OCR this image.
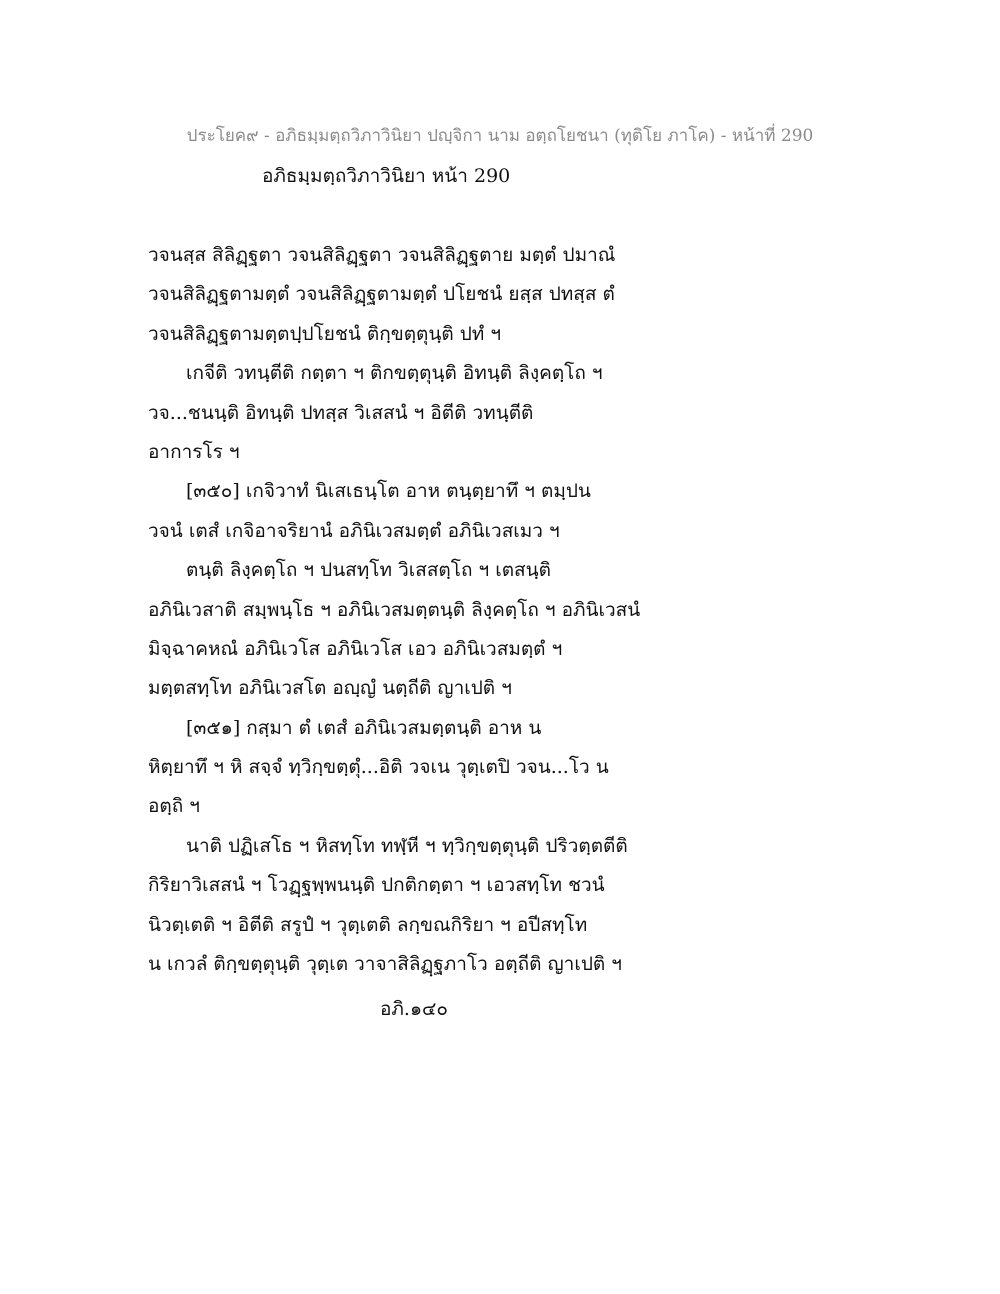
ประโยค๙ - อภิธมฺมตฺถวิภาวินิยา ปญฺจิกา นาม อตฺถโยชนา (ทุติโย ภาโค) - หน้าที่ 290
อภิธมฺมตฺถวิภาวินิยา หน้า 290
วจนสฺส สิลิฏฺฐตา วจนสิลิฏฺฐตา วจนสิลิฏฺฐตาย มตฺตํ ปมาณํ
วจนสิลิฏฺฐตามตฺตํ วจนสิลิฏฺฐตามตฺตํ ปโยชนํ ยสฺส ปทสฺส ตํ
วจนสิลิฏฺฐตามตฺตปฺปโยชนํ ติกฺขตฺตุนฺติ ปทํ ฯ
เกจีติ วทนฺตีติ กตฺตา ฯ ติกขตฺตุนฺติ อิทนฺติ ลิงฺคตฺโถ ฯ
วจ...ชนนฺติ อิทนฺติ ปทสฺส วิเสสนํ ฯ อิตีติ วทนฺตีติ
อาการโร ฯ
[๓๕๐] เกจิวาทํ นิเสเธนฺโต อาห ตนฺตฺยาทึ ฯ ตมฺปน
วจนํ เตสํ เกจิอาจริยานํ อภินิเวสมตฺตํ อภินิเวสเมว ฯ
ตนฺติ ลิงฺคตฺโถ ฯ ปนสทฺโท วิเสสตฺโถ ฯ เตสนฺติ
อภินิเวสาติ สมฺพนฺโธ ฯ อภินิเวสมตฺตนฺติ ลิงฺคตฺโถ ฯ อภินิเวสนํ
มิจฺฉาคหณํ อภินิเวโส อภินิเวโส เอว อภินิเวสมตฺตํ ฯ
มตฺตสทฺโท อภินิเวสโต อญฺญํ นตฺถีติ ญาเปติ ฯ
[๓๕๑] กสฺมา ตํ เตสํ อภินิเวสมตฺตนฺติ อาห น
หิตฺยาทึ ฯ หิ สจฺจํ ทฺวิกฺขตฺตุํ...อิติ วจเน วุตฺเตปิ วจน...โว น
อตฺถิ ฯ
นาติ ปฏิเสโธ ฯ หิสทฺโท ทฬฺหี ฯ ทฺวิกฺขตฺตุนฺติ ปริวตฺตตีติ
กิริยาวิเสสนํ ฯ โวฏฺฐพฺพนนฺติ ปกติกตฺตา ฯ เอวสทฺโท ชวนํ
นิวตฺเตติ ฯ อิตีติ สรูปํ ฯ วุตฺเตติ ลกฺขณกิริยา ฯ อปีสทฺโท
น เกวลํ ติกฺขตฺตุนฺติ วุตฺเต วาจาสิลิฏฺฐภาโว อตฺถีติ ญาเปติ ฯ
อภิ.๑๔๐
